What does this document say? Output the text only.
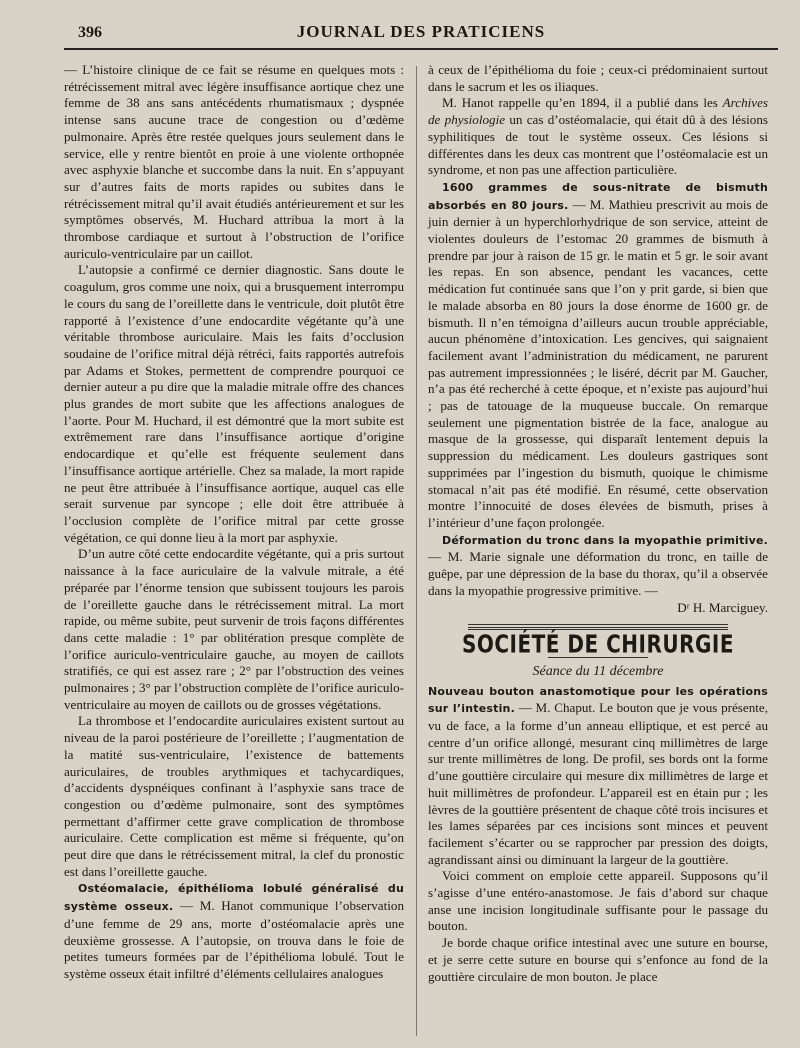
396	JOURNAL DES PRATICIENS

— L’histoire clinique de ce fait se résume en quelques mots : rétrécissement mitral avec légère insuffisance aortique chez une femme de 38 ans sans antécédents rhumatismaux ; dyspnée intense sans aucune trace de congestion ou d’œdème pulmonaire. Après être restée quelques jours seulement dans le service, elle y rentre bientôt en proie à une violente orthopnée avec asphyxie blanche et succombe dans la nuit. En s’appuyant sur d’autres faits de morts rapides ou subites dans le rétrécissement mitral qu’il avait étudiés antérieurement et sur les symptômes observés, M. Huchard attribua la mort à la thrombose cardiaque et surtout à l’obstruction de l’orifice auriculo-ventriculaire par un caillot.

L’autopsie a confirmé ce dernier diagnostic. Sans doute le coagulum, gros comme une noix, qui a brusquement interrompu le cours du sang de l’oreillette dans le ventricule, doit plutôt être rapporté à l’existence d’une endocardite végétante qu’à une véritable thrombose auriculaire. Mais les faits d’occlusion soudaine de l’orifice mitral déjà rétréci, faits rapportés autrefois par Adams et Stokes, permettent de comprendre pourquoi ce dernier auteur a pu dire que la maladie mitrale offre des chances plus grandes de mort subite que les affections analogues de l’aorte. Pour M. Huchard, il est démontré que la mort subite est extrêmement rare dans l’insuffisance aortique d’origine endocardique et qu’elle est fréquente seulement dans l’insuffisance aortique artérielle. Chez sa malade, la mort rapide ne peut être attribuée à l’insuffisance aortique, auquel cas elle serait survenue par syncope ; elle doit être attribuée à l’occlusion complète de l’orifice mitral par cette grosse végétation, ce qui donne lieu à la mort par asphyxie.

D’un autre côté cette endocardite végétante, qui a pris surtout naissance à la face auriculaire de la valvule mitrale, a été préparée par l’énorme tension que subissent toujours les parois de l’oreillette gauche dans le rétrécissement mitral. La mort rapide, ou même subite, peut survenir de trois façons différentes dans cette maladie : 1° par oblitération presque complète de l’orifice auriculo-ventriculaire gauche, au moyen de caillots stratifiés, ce qui est assez rare ; 2° par l’obstruction des veines pulmonaires ; 3° par l’obstruction complète de l’orifice auriculo-ventriculaire au moyen de caillots ou de grosses végétations.

La thrombose et l’endocardite auriculaires existent surtout au niveau de la paroi postérieure de l’oreillette ; l’augmentation de la matité sus-ventriculaire, l’existence de battements auriculaires, de troubles arythmiques et tachycardiques, d’accidents dyspnéiques confinant à l’asphyxie sans trace de congestion ou d’œdème pulmonaire, sont des symptômes permettant d’affirmer cette grave complication de thrombose auriculaire. Cette complication est même si fréquente, qu’on peut dire que dans le rétrécissement mitral, la clef du pronostic est dans l’oreillette gauche.

Ostéomalacie, épithélioma lobulé généralisé du système osseux. — M. Hanot communique l’observation d’une femme de 29 ans, morte d’ostéomalacie après une deuxième grossesse. A l’autopsie, on trouva dans le foie de petites tumeurs formées par de l’épithélioma lobulé. Tout le système osseux était infiltré d’éléments cellulaires analogues

à ceux de l’épithélioma du foie ; ceux-ci prédominaient surtout dans le sacrum et les os iliaques.

M. Hanot rappelle qu’en 1894, il a publié dans les Archives de physiologie un cas d’ostéomalacie, qui était dû à des lésions syphilitiques de tout le système osseux. Ces lésions si différentes dans les deux cas montrent que l’ostéomalacie est un syndrome, et non pas une affection particulière.

1600 grammes de sous-nitrate de bismuth absorbés en 80 jours. — M. Mathieu prescrivit au mois de juin dernier à un hyperchlorhydrique de son service, atteint de violentes douleurs de l’estomac 20 grammes de bismuth à prendre par jour à raison de 15 gr. le matin et 5 gr. le soir avant les repas. En son absence, pendant les vacances, cette médication fut continuée sans que l’on y prit garde, si bien que le malade absorba en 80 jours la dose énorme de 1600 gr. de bismuth. Il n’en témoigna d’ailleurs aucun trouble appréciable, aucun phénomène d’intoxication. Les gencives, qui saignaient facilement avant l’administration du médicament, ne parurent pas autrement impressionnées ; le liséré, décrit par M. Gaucher, n’a pas été recherché à cette époque, et n’existe pas aujourd’hui ; pas de tatouage de la muqueuse buccale. On remarque seulement une pigmentation bistrée de la face, analogue au masque de la grossesse, qui disparaît lentement depuis la suppression du médicament. Les douleurs gastriques sont supprimées par l’ingestion du bismuth, quoique le chimisme stomacal n’ait pas été modifié. En résumé, cette observation montre l’innocuité de doses élevées de bismuth, prises à l’intérieur d’une façon prolongée.

Déformation du tronc dans la myopathie primitive. — M. Marie signale une déformation du tronc, en taille de guêpe, par une dépression de la base du thorax, qu’il a observée dans la myopathie progressive primitive. —

Dʳ H. Marciguey.

SOCIÉTÉ DE CHIRURGIE
Séance du 11 décembre

Nouveau bouton anastomotique pour les opérations sur l’intestin. — M. Chaput. Le bouton que je vous présente, vu de face, a la forme d’un anneau elliptique, et est percé au centre d’un orifice allongé, mesurant cinq millimètres de large sur trente millimètres de long. De profil, ses bords ont la forme d’une gouttière circulaire qui mesure dix millimètres de large et huit millimètres de profondeur. L’appareil est en étain pur ; les lèvres de la gouttière présentent de chaque côté trois incisures et les lames séparées par ces incisions sont minces et peuvent facilement s’écarter ou se rapprocher par pression des doigts, agrandissant ainsi ou diminuant la largeur de la gouttière.

Voici comment on emploie cette appareil. Supposons qu’il s’agisse d’une entéro-anastomose. Je fais d’abord sur chaque anse une incision longitudinale suffisante pour le passage du bouton.

Je borde chaque orifice intestinal avec une suture en bourse, et je serre cette suture en bourse qui s’enfonce au fond de la gouttière circulaire de mon bouton. Je place
